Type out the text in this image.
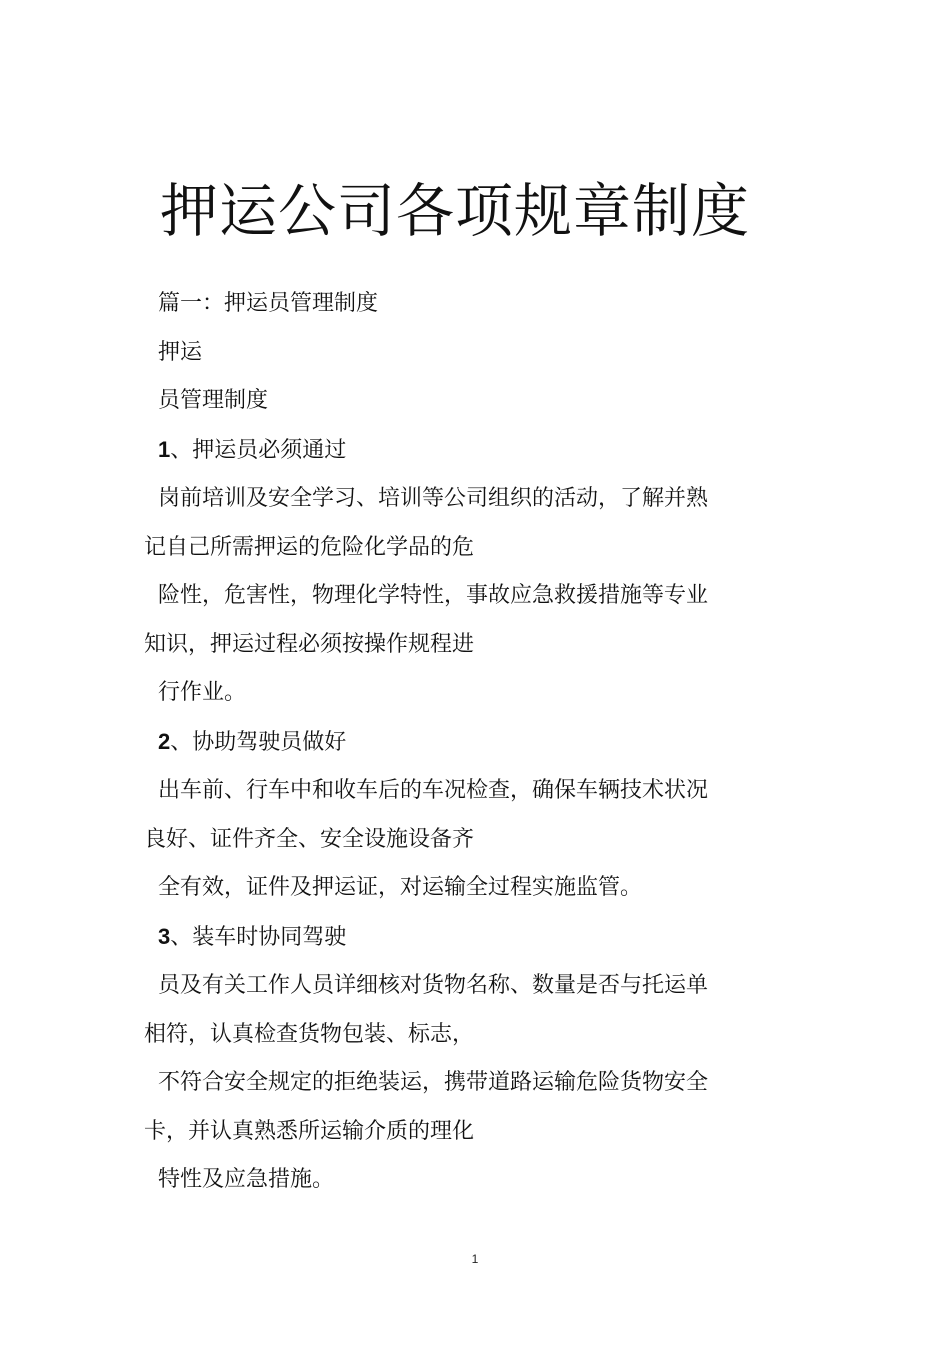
押运公司各项规章制度

篇一：押运员管理制度

押运

员管理制度

1、押运员必须通过

岗前培训及安全学习、培训等公司组织的活动，了解并熟

记自己所需押运的危险化学品的危

险性，危害性，物理化学特性，事故应急救援措施等专业

知识，押运过程必须按操作规程进

行作业。

2、协助驾驶员做好

出车前、行车中和收车后的车况检查，确保车辆技术状况

良好、证件齐全、安全设施设备齐

全有效，证件及押运证，对运输全过程实施监管。

3、装车时协同驾驶

员及有关工作人员详细核对货物名称、数量是否与托运单

相符，认真检查货物包装、标志，

不符合安全规定的拒绝装运，携带道路运输危险货物安全

卡，并认真熟悉所运输介质的理化

特性及应急措施。

1
